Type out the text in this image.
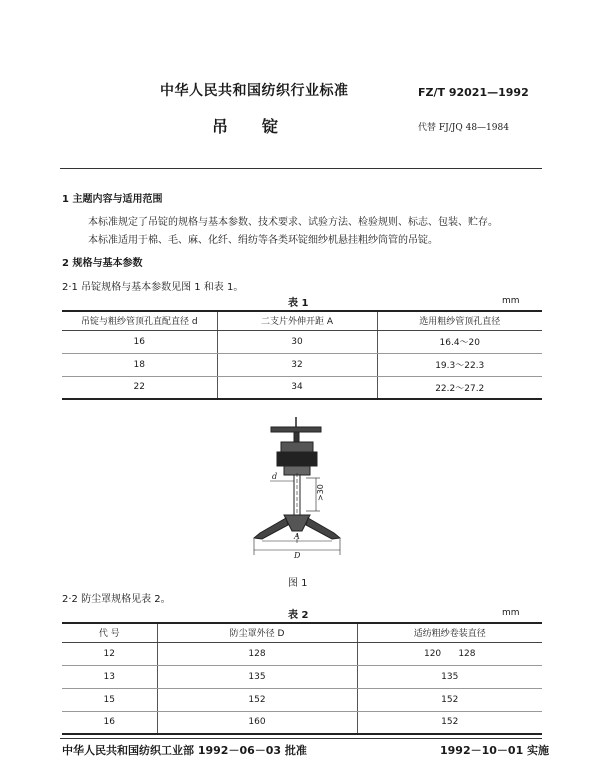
中华人民共和国纺织行业标准	FZ/T 92021—1992
吊锭	代替 FJ/JQ 48—1984
1 主题内容与适用范围
本标准规定了吊锭的规格与基本参数、技术要求、试验方法、检验规则、标志、包装、贮存。
本标准适用于棉、毛、麻、化纤、绢纺等各类环锭细纱机悬挂粗纱筒管的吊锭。
2 规格与基本参数
2·1 吊锭规格与基本参数见图 1 和表 1。
表 1	mm
吊锭与粗纱管顶孔直配直径 d	二支片外伸开距 A	选用粗纱管顶孔直径
16	30	16.4～20
18	32	19.3～22.3
22	34	22.2～27.2
d
>30
A
D
图 1
2·2 防尘罩规格见表 2。
表 2	mm
代 号	防尘罩外径 D	适纺粗纱卷装直径
12	128	120      128
13	135	135
15	152	152
16	160	152
中华人民共和国纺织工业部 1992－06－03 批准	1992－10－01 实施
